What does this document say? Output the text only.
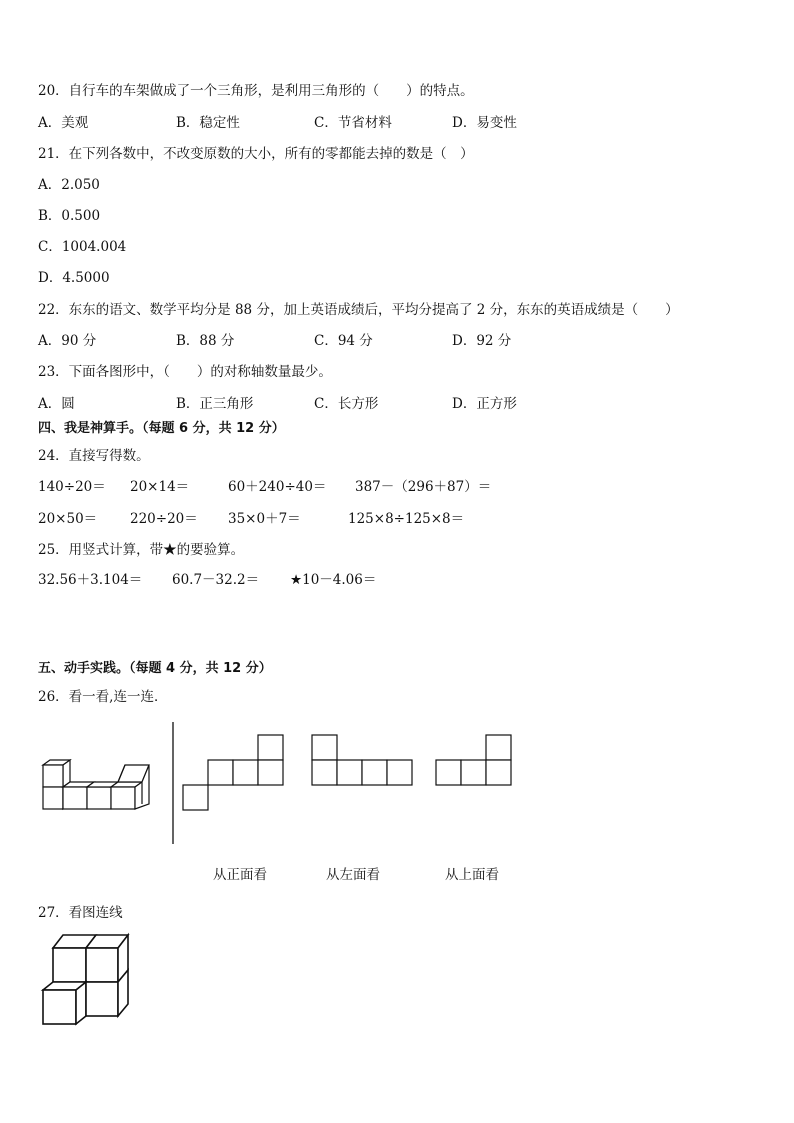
20．自行车的车架做成了一个三角形，是利用三角形的（　　）的特点。
A．美观	B．稳定性	C．节省材料	D．易变性
21．在下列各数中，不改变原数的大小，所有的零都能去掉的数是（　）
A．2.050
B．0.500
C．1004.004
D．4.5000
22．东东的语文、数学平均分是 88 分，加上英语成绩后，平均分提高了 2 分，东东的英语成绩是（　　）
A．90 分	B．88 分	C．94 分	D．92 分
23．下面各图形中，（　　）的对称轴数量最少。
A．圆	B．正三角形	C．长方形	D．正方形
四、我是神算手。（每题 6 分，共 12 分）
24．直接写得数。
140÷20＝ 20×14＝	60＋240÷40＝ 387－（296＋87）＝
20×50＝ 220÷20＝ 35×0＋7＝	125×8÷125×8＝
25．用竖式计算，带★的要验算。
32.56＋3.104＝ 60.7－32.2＝ ★10－4.06＝
五、动手实践。（每题 4 分，共 12 分）
26．看一看,连一连．
从正面看	从左面看	从上面看
27．看图连线
